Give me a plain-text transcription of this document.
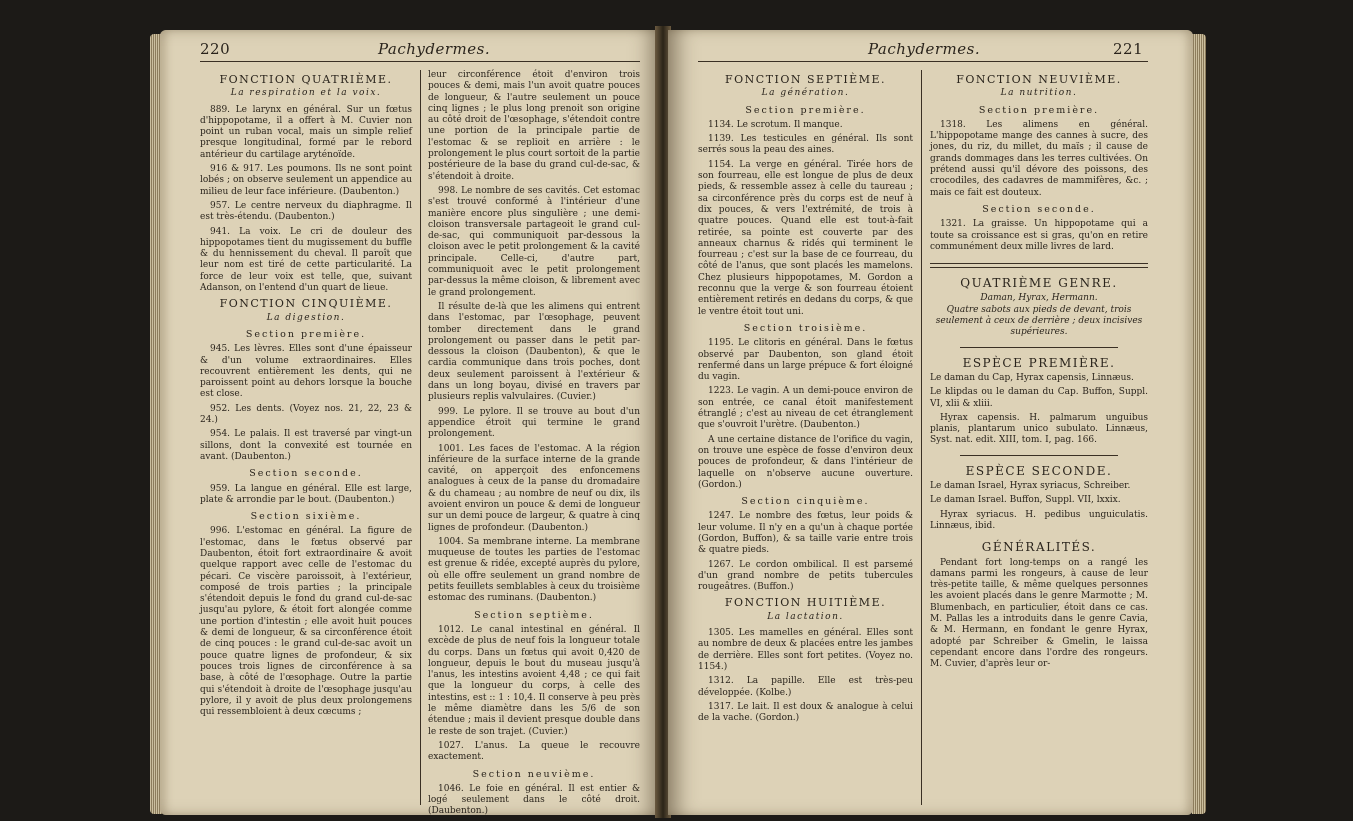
220	Pachydermes.
FONCTION QUATRIÈME.
La respiration et la voix.
889. Le larynx en général. Sur un fœtus d'hippopotame, il a offert à M. Cuvier non point un ruban vocal, mais un simple relief presque longitudinal, formé par le rebord antérieur du cartilage aryténoïde.
916 & 917. Les poumons. Ils ne sont point lobés ; on observe seulement un appendice au milieu de leur face inférieure. (Daubenton.)
957. Le centre nerveux du diaphragme. Il est très-étendu. (Daubenton.)
941. La voix. Le cri de douleur des hippopotames tient du mugissement du buffle & du hennissement du cheval. Il paroît que leur nom est tiré de cette particularité. La force de leur voix est telle, que, suivant Adanson, on l'entend d'un quart de lieue.
FONCTION CINQUIÈME.
La digestion.
Section première.
945. Les lèvres. Elles sont d'une épaisseur & d'un volume extraordinaires. Elles recouvrent entièrement les dents, qui ne paroissent point au dehors lorsque la bouche est close.
952. Les dents. (Voyez nos. 21, 22, 23 & 24.)
954. Le palais. Il est traversé par vingt-un sillons, dont la convexité est tournée en avant. (Daubenton.)
Section seconde.
959. La langue en général. Elle est large, plate & arrondie par le bout. (Daubenton.)
Section sixième.
996. L'estomac en général. La figure de l'estomac, dans le fœtus observé par Daubenton, étoit fort extraordinaire & avoit quelque rapport avec celle de l'estomac du pécari. Ce viscère paroissoit, à l'extérieur, composé de trois parties ; la principale s'étendoit depuis le fond du grand cul-de-sac jusqu'au pylore, & étoit fort alongée comme une portion d'intestin ; elle avoit huit pouces & demi de longueur, & sa circonférence étoit de cinq pouces : le grand cul-de-sac avoit un pouce quatre lignes de profondeur, & six pouces trois lignes de circonférence à sa base, à côté de l'œsophage. Outre la partie qui s'étendoit à droite de l'œsophage jusqu'au pylore, il y avoit de plus deux prolongemens qui ressembloient à deux cœcums ;
leur circonférence étoit d'environ trois pouces & demi, mais l'un avoit quatre pouces de longueur, & l'autre seulement un pouce cinq lignes ; le plus long prenoit son origine au côté droit de l'œsophage, s'étendoit contre une portion de la principale partie de l'estomac & se replioit en arrière : le prolongement le plus court sortoit de la partie postérieure de la base du grand cul-de-sac, & s'étendoit à droite.
998. Le nombre de ses cavités. Cet estomac s'est trouvé conformé à l'intérieur d'une manière encore plus singulière ; une demi-cloison transversale partageoit le grand cul-de-sac, qui communiquoit par-dessous la cloison avec le petit prolongement & la cavité principale. Celle-ci, d'autre part, communiquoit avec le petit prolongement par-dessus la même cloison, & librement avec le grand prolongement.
Il résulte de-là que les alimens qui entrent dans l'estomac, par l'œsophage, peuvent tomber directement dans le grand prolongement ou passer dans le petit par-dessous la cloison (Daubenton), & que le cardia communique dans trois poches, dont deux seulement paroissent à l'extérieur & dans un long boyau, divisé en travers par plusieurs replis valvulaires. (Cuvier.)
999. Le pylore. Il se trouve au bout d'un appendice étroit qui termine le grand prolongement.
1001. Les faces de l'estomac. A la région inférieure de la surface interne de la grande cavité, on apperçoit des enfoncemens analogues à ceux de la panse du dromadaire & du chameau ; au nombre de neuf ou dix, ils avoient environ un pouce & demi de longueur sur un demi pouce de largeur, & quatre à cinq lignes de profondeur. (Daubenton.)
1004. Sa membrane interne. La membrane muqueuse de toutes les parties de l'estomac est grenue & ridée, excepté auprès du pylore, où elle offre seulement un grand nombre de petits feuillets semblables à ceux du troisième estomac des ruminans. (Daubenton.)
Section septième.
1012. Le canal intestinal en général. Il excède de plus de neuf fois la longueur totale du corps. Dans un fœtus qui avoit 0,420 de longueur, depuis le bout du museau jusqu'à l'anus, les intestins avoient 4,48 ; ce qui fait que la longueur du corps, à celle des intestins, est :: 1 : 10,4. Il conserve à peu près le même diamètre dans les 5/6 de son étendue ; mais il devient presque double dans le reste de son trajet. (Cuvier.)
1027. L'anus. La queue le recouvre exactement.
Section neuvième.
1046. Le foie en général. Il est entier & logé seulement dans le côté droit. (Daubenton.)
Pachydermes.	221
FONCTION SEPTIÈME.
La génération.
Section première.
1134. Le scrotum. Il manque.
1139. Les testicules en général. Ils sont serrés sous la peau des aines.
1154. La verge en général. Tirée hors de son fourreau, elle est longue de plus de deux pieds, & ressemble assez à celle du taureau ; sa circonférence près du corps est de neuf à dix pouces, & vers l'extrémité, de trois à quatre pouces. Quand elle est tout-à-fait retirée, sa pointe est couverte par des anneaux charnus & ridés qui terminent le fourreau ; c'est sur la base de ce fourreau, du côté de l'anus, que sont placés les mamelons. Chez plusieurs hippopotames, M. Gordon a reconnu que la verge & son fourreau étoient entièrement retirés en dedans du corps, & que le ventre étoit tout uni.
Section troisième.
1195. Le clitoris en général. Dans le fœtus observé par Daubenton, son gland étoit renfermé dans un large prépuce & fort éloigné du vagin.
1223. Le vagin. A un demi-pouce environ de son entrée, ce canal étoit manifestement étranglé ; c'est au niveau de cet étranglement que s'ouvroit l'urètre. (Daubenton.)
A une certaine distance de l'orifice du vagin, on trouve une espèce de fosse d'environ deux pouces de profondeur, & dans l'intérieur de laquelle on n'observe aucune ouverture. (Gordon.)
Section cinquième.
1247. Le nombre des fœtus, leur poids & leur volume. Il n'y en a qu'un à chaque portée (Gordon, Buffon), & sa taille varie entre trois & quatre pieds.
1267. Le cordon ombilical. Il est parsemé d'un grand nombre de petits tubercules rougeâtres. (Buffon.)
FONCTION HUITIÈME.
La lactation.
1305. Les mamelles en général. Elles sont au nombre de deux & placées entre les jambes de derrière. Elles sont fort petites. (Voyez no. 1154.)
1312. La papille. Elle est très-peu développée. (Kolbe.)
1317. Le lait. Il est doux & analogue à celui de la vache. (Gordon.)
FONCTION NEUVIÈME.
La nutrition.
Section première.
1318. Les alimens en général. L'hippopotame mange des cannes à sucre, des jones, du riz, du millet, du maïs ; il cause de grands dommages dans les terres cultivées. On prétend aussi qu'il dévore des poissons, des crocodiles, des cadavres de mammifères, &c. ; mais ce fait est douteux.
Section seconde.
1321. La graisse. Un hippopotame qui a toute sa croissance est si gras, qu'on en retire communément deux mille livres de lard.
QUATRIÈME GENRE.
Daman, Hyrax, Hermann.
Quatre sabots aux pieds de devant, trois seulement à ceux de derrière ; deux incisives supérieures.
ESPÈCE PREMIÈRE.
Le daman du Cap, Hyrax capensis, Linnæus.
Le klipdas ou le daman du Cap. Buffon, Suppl. VI, xlii & xliii.
Hyrax capensis. H. palmarum unguibus planis, plantarum unico subulato. Linnæus, Syst. nat. edit. XIII, tom. I, pag. 166.
ESPÈCE SECONDE.
Le daman Israel, Hyrax syriacus, Schreiber.
Le daman Israel. Buffon, Suppl. VII, lxxix.
Hyrax syriacus. H. pedibus unguiculatis. Linnæus, ibid.
GÉNÉRALITÉS.
Pendant fort long-temps on a rangé les damans parmi les rongeurs, à cause de leur très-petite taille, & même quelques personnes les avoient placés dans le genre Marmotte ; M. Blumenbach, en particulier, étoit dans ce cas. M. Pallas les a introduits dans le genre Cavia, & M. Hermann, en fondant le genre Hyrax, adopté par Schreiber & Gmelin, le laissa cependant encore dans l'ordre des rongeurs. M. Cuvier, d'après leur or-
